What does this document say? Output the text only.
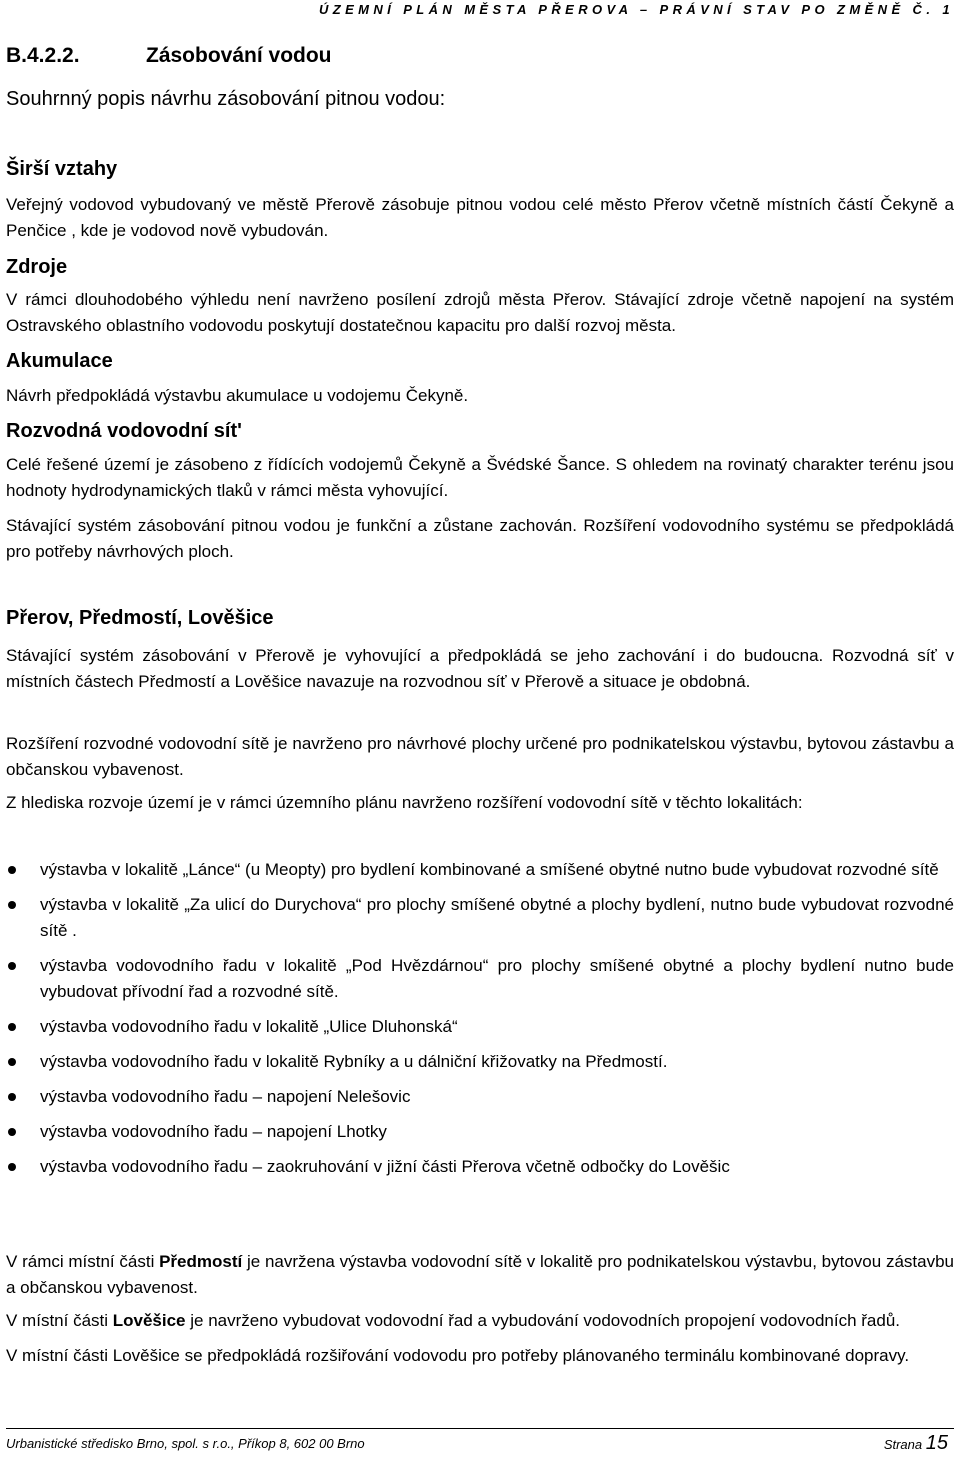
ÚZEMNÍ PLÁN MĚSTA PŘEROVA – PRÁVNÍ STAV PO ZMĚNĚ Č. 1
B.4.2.2.	Zásobování vodou
Souhrnný popis návrhu zásobování pitnou vodou:
Širší vztahy
Veřejný vodovod vybudovaný ve městě Přerově zásobuje pitnou vodou celé město Přerov včetně místních částí Čekyně a Penčice , kde je vodovod nově vybudován.
Zdroje
V rámci dlouhodobého výhledu není navrženo posílení zdrojů města Přerov. Stávající zdroje včetně napojení na systém Ostravského oblastního vodovodu poskytují dostatečnou kapacitu pro další rozvoj města.
Akumulace
Návrh předpokládá výstavbu akumulace u vodojemu Čekyně.
Rozvodná vodovodní sít'
Celé řešené území je zásobeno z řídících vodojemů Čekyně a Švédské Šance. S ohledem na rovinatý charakter terénu jsou hodnoty hydrodynamických tlaků v rámci města vyhovující.
Stávající systém zásobování pitnou vodou je funkční a zůstane zachován. Rozšíření vodovodního systému se předpokládá pro potřeby návrhových ploch.
Přerov, Předmostí, Lověšice
Stávající systém zásobování v Přerově je vyhovující a předpokládá se jeho zachování i do budoucna. Rozvodná síť v místních částech Předmostí a Lověšice navazuje na rozvodnou síť v Přerově a situace je obdobná.
Rozšíření rozvodné vodovodní sítě je navrženo pro návrhové plochy určené pro podnikatelskou výstavbu, bytovou zástavbu a občanskou vybavenost.
Z hlediska rozvoje území je v rámci územního plánu navrženo rozšíření vodovodní sítě v těchto lokalitách:
výstavba v lokalitě „Lánce“ (u Meopty) pro bydlení kombinované a smíšené obytné nutno bude vybudovat rozvodné sítě
výstavba v lokalitě „Za ulicí do Durychova“ pro plochy smíšené obytné a plochy bydlení, nutno bude vybudovat rozvodné sítě .
výstavba vodovodního řadu v lokalitě „Pod Hvězdárnou“ pro plochy smíšené obytné a plochy bydlení nutno bude vybudovat přívodní řad a rozvodné sítě.
výstavba vodovodního řadu v lokalitě „Ulice Dluhonská“
výstavba vodovodního řadu v lokalitě Rybníky a u dálniční křižovatky na Předmostí.
výstavba vodovodního řadu – napojení Nelešovic
výstavba vodovodního řadu – napojení Lhotky
výstavba vodovodního řadu – zaokruhování v jižní části Přerova včetně odbočky do Lověšic
V rámci místní části Předmostí je navržena výstavba vodovodní sítě v lokalitě pro podnikatelskou výstavbu, bytovou zástavbu a občanskou vybavenost.
V místní části Lověšice je navrženo vybudovat vodovodní řad a vybudování vodovodních propojení vodovodních řadů.
V místní části Lověšice se předpokládá rozšiřování vodovodu pro potřeby plánovaného terminálu kombinované dopravy.
Urbanistické středisko Brno, spol. s r.o., Příkop 8, 602 00 Brno	Strana 15
